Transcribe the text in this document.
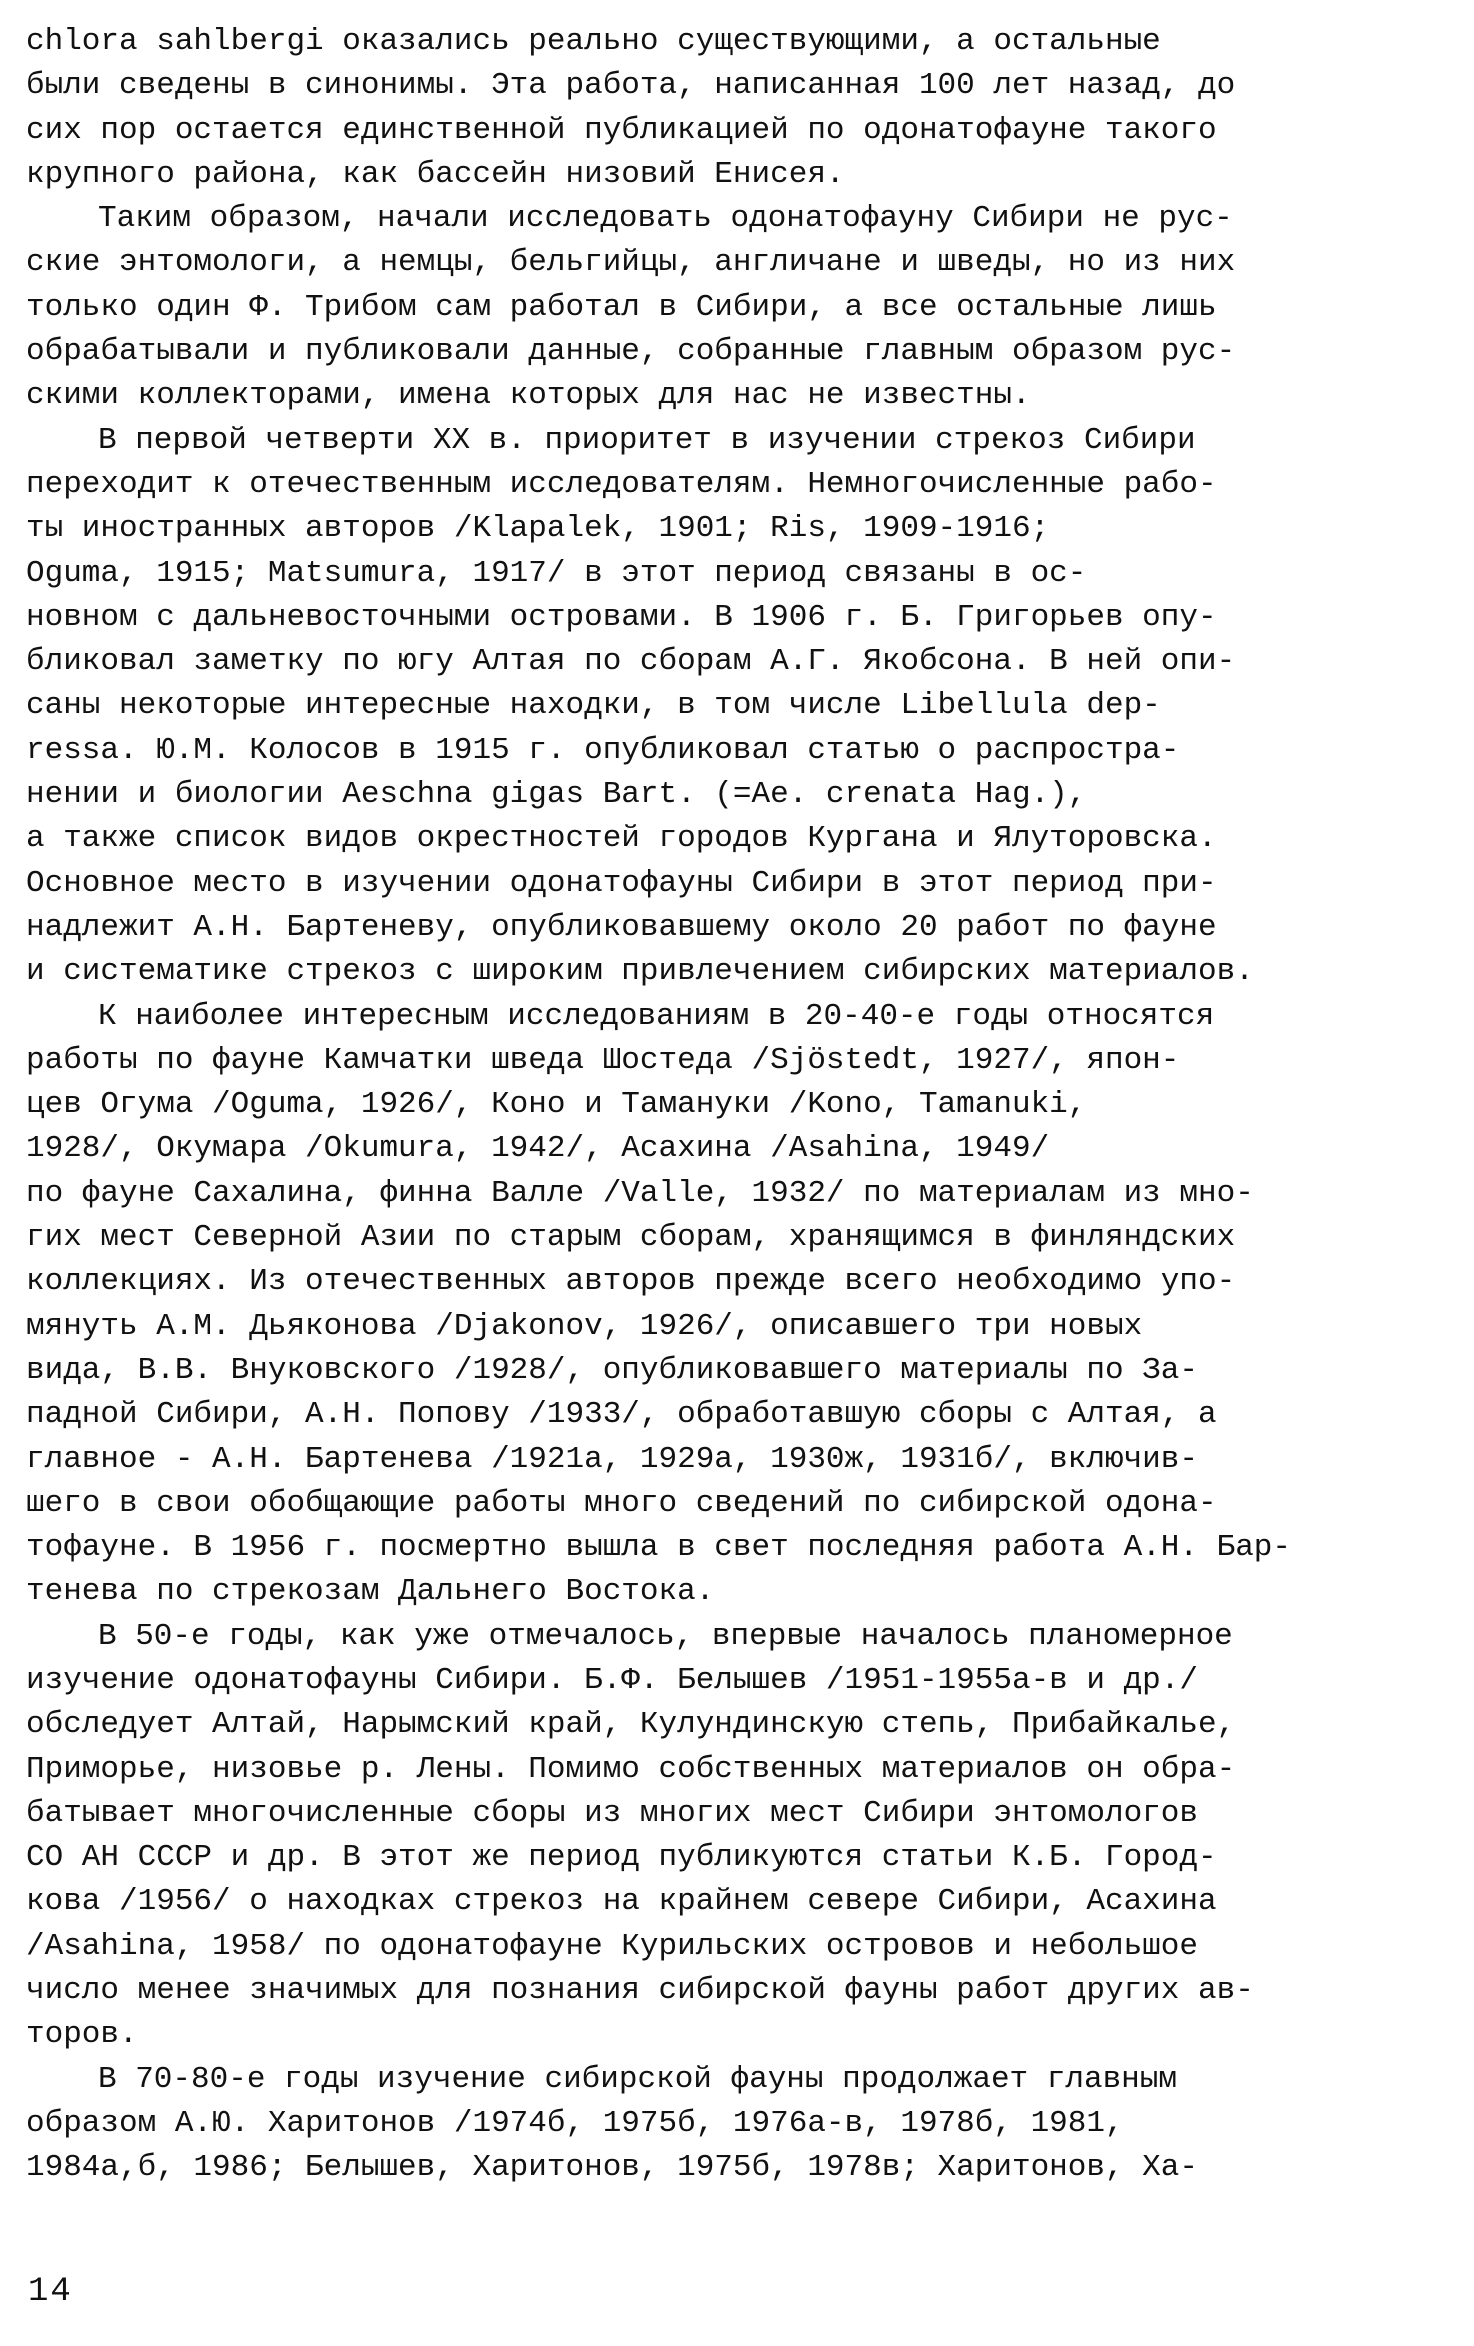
chlora sahlbergi оказались реально существующими, а остальные
были сведены в синонимы. Эта работа, написанная 100 лет назад, до
сих пор остается единственной публикацией по одонатофауне такого
крупного района, как бассейн низовий Енисея.
Таким образом, начали исследовать одонатофауну Сибири не рус-
ские энтомологи, а немцы, бельгийцы, англичане и шведы, но из них
только один Ф. Трибом сам работал в Сибири, а все остальные лишь
обрабатывали и публиковали данные, собранные главным образом рус-
скими коллекторами, имена которых для нас не известны.
В первой четверти XX в. приоритет в изучении стрекоз Сибири
переходит к отечественным исследователям. Немногочисленные рабо-
ты иностранных авторов /Klapalek, 1901; Ris, 1909-1916;
Oguma, 1915; Matsumura, 1917/ в этот период связаны в ос-
новном с дальневосточными островами. В 1906 г. Б. Григорьев опу-
бликовал заметку по югу Алтая по сборам А.Г. Якобсона. В ней опи-
саны некоторые интересные находки, в том числе Libellula dep-
ressa. Ю.М. Колосов в 1915 г. опубликовал статью о распростра-
нении и биологии Aeschna gigas Bart. (=Ae. crenata Hag.),
а также список видов окрестностей городов Кургана и Ялуторовска.
Основное место в изучении одонатофауны Сибири в этот период при-
надлежит А.Н. Бартеневу, опубликовавшему около 20 работ по фауне
и систематике стрекоз с широким привлечением сибирских материалов.
К наиболее интересным исследованиям в 20-40-е годы относятся
работы по фауне Камчатки шведа Шостеда /Sjöstedt, 1927/, япон-
цев Огума /Oguma, 1926/, Коно и Тамануки /Kono, Tamanuki,
1928/, Окумара /Okumura, 1942/, Асахина /Asahina, 1949/
по фауне Сахалина, финна Валле /Valle, 1932/ по материалам из мно-
гих мест Северной Азии по старым сборам, хранящимся в финляндских
коллекциях. Из отечественных авторов прежде всего необходимо упо-
мянуть А.М. Дьяконова /Djakonov, 1926/, описавшего три новых
вида, В.В. Внуковского /1928/, опубликовавшего материалы по За-
падной Сибири, А.Н. Попову /1933/, обработавшую сборы с Алтая, а
главное - А.Н. Бартенева /1921а, 1929а, 1930ж, 1931б/, включив-
шего в свои обобщающие работы много сведений по сибирской одона-
тофауне. В 1956 г. посмертно вышла в свет последняя работа А.Н. Бар-
тенева по стрекозам Дальнего Востока.
В 50-е годы, как уже отмечалось, впервые началось планомерное
изучение одонатофауны Сибири. Б.Ф. Белышев /1951-1955а-в и др./
обследует Алтай, Нарымский край, Кулундинскую степь, Прибайкалье,
Приморье, низовье р. Лены. Помимо собственных материалов он обра-
батывает многочисленные сборы из многих мест Сибири энтомологов
СО АН СССР и др. В этот же период публикуются статьи К.Б. Город-
кова /1956/ о находках стрекоз на крайнем севере Сибири, Асахина
/Asahina, 1958/ по одонатофауне Курильских островов и небольшое
число менее значимых для познания сибирской фауны работ других ав-
торов.
В 70-80-е годы изучение сибирской фауны продолжает главным
образом А.Ю. Харитонов /1974б, 1975б, 1976а-в, 1978б, 1981,
1984а,б, 1986; Белышев, Харитонов, 1975б, 1978в; Харитонов, Ха-
14
